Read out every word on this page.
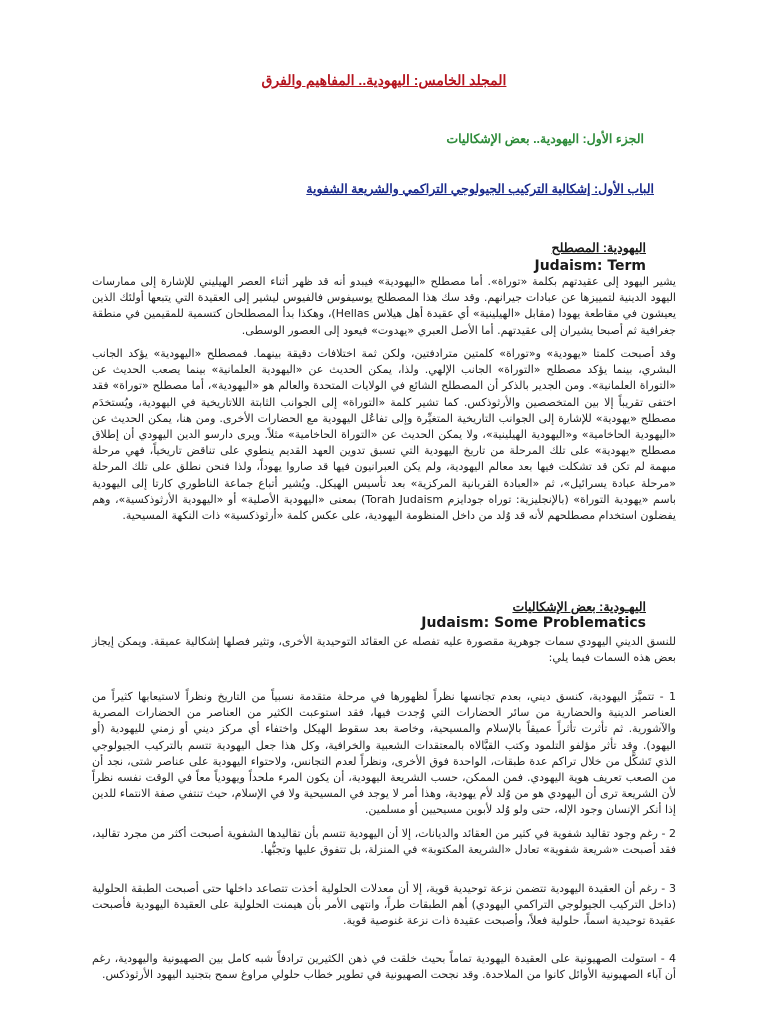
المجلد الخامس: اليهودية.. المفاهيم والفرق
الجزء الأول: اليهودية.. بعض الإشكاليات
الباب الأول: إشكالية التركيب الجيولوجي التراكمي والشريعة الشفوية
اليهودية: المصطلح
Judaism: Term
يشير اليهود إلى عقيدتهم بكلمة «توراة». أما مصطلح «اليهودية» فيبدو أنه قد ظهر أثناء العصر الهيليني للإشارة إلى ممارسات اليهود الدينية لتمييزها عن عبادات جيرانهم. وقد سك هذا المصطلح يوسيفوس فالفيوس ليشير إلى العقيدة التي يتبعها أولئك الذين يعيشون في مقاطعة يهودا (مقابل «الهيلينية» أي عقيدة أهل هيلاس Hellas)، وهكذا بدأ المصطلحان كتسمية للمقيمين في منطقة جغرافية ثم أصبحا يشيران إلى عقيدتهم. أما الأصل العبري «يهدوت» فيعود إلى العصور الوسطى.
وقد أصبحت كلمتا «يهودية» و«توراة» كلمتين مترادفتين، ولكن ثمة اختلافات دقيقة بينهما. فمصطلح «اليهودية» يؤكد الجانب البشري، بينما يؤكد مصطلح «التوراة» الجانب الإلهي. ولذا، يمكن الحديث عن «اليهودية العلمانية» بينما يصعب الحديث عن «التوراة العلمانية». ومن الجدير بالذكر أن المصطلح الشائع في الولايات المتحدة والعالم هو «اليهودية»، أما مصطلح «توراة» فقد اختفى تقريباً إلا بين المتخصصين والأرثوذكس. كما تشير كلمة «التوراة» إلى الجوانب الثابتة اللاتاريخية في اليهودية، ويُستخدَم مصطلح «يهودية» للإشارة إلى الجوانب التاريخية المتغيِّرة وإلى تفاعُل اليهودية مع الحضارات الأخرى. ومن هنا، يمكن الحديث عن «اليهودية الحاخامية» و«اليهودية الهيلينية»، ولا يمكن الحديث عن «التوراة الحاخامية» مثلاً. ويرى دارسو الدين اليهودي أن إطلاق مصطلح «يهودية» على تلك المرحلة من تاريخ اليهودية التي تسبق تدوين العهد القديم ينطوي على تناقض تاريخياً، فهي مرحلة مبهمة لم تكن قد تشكلت فيها بعد معالم اليهودية، ولم يكن العبرانيون فيها قد صاروا يهوداً، ولذا فنحن نطلق على تلك المرحلة «مرحلة عبادة يسرائيل»، ثم «العبادة القربانية المركزية» بعد تأسيس الهيكل. ويُشير أتباع جماعة الناطوري كارتا إلى اليهودية باسم «يهودية التوراة» (بالإنجليزية: توراه جودايزم Torah Judaism) بمعنى «اليهودية الأصلية» أو «اليهودية الأرثوذكسية»، وهم يفضلون استخدام مصطلحهم لأنه قد وُلد من داخل المنظومة اليهودية، على عكس كلمة «أرثوذكسية» ذات النكهة المسيحية.
اليهـودية: بعض الإشكاليات
Judaism: Some Problematics
للنسق الديني اليهودي سمات جوهرية مقصورة عليه تفصله عن العقائد التوحيدية الأخرى، وتثير فصلها إشكالية عميقة. ويمكن إيجاز بعض هذه السمات فيما يلي:
1 - تتميَّز اليهودية، كنسق ديني، بعدم تجانسها نظراً لظهورها في مرحلة متقدمة نسبياً من التاريخ ونظراً لاستيعابها كثيراً من العناصر الدينية والحضارية من سائر الحضارات التي وُجدت فيها، فقد استوعبت الكثير من العناصر من الحضارات المصرية والآشورية. ثم تأثرت تأثراً عميقاً بالإسلام والمسيحية، وخاصة بعد سقوط الهيكل واختفاء أي مركز ديني أو زمني لليهودية (أو اليهود). وقد تأثر مؤلفو التلمود وكتب القبَّالاه بالمعتقدات الشعبية والخرافية، وكل هذا جعل اليهودية تتسم بالتركيب الجيولوجي الذي تَشكَّل من خلال تراكم عدة طبقات، الواحدة فوق الأخرى، ونظراً لعدم التجانس، ولاحتواء اليهودية على عناصر شتى، نجد أن من الصعب تعريف هوية اليهودي. فمن الممكن، حسب الشريعة اليهودية، أن يكون المرء ملحداً ويهودياً معاً في الوقت نفسه نظراً لأن الشريعة ترى أن اليهودي هو من وُلد لأم يهودية، وهذا أمر لا يوجد في المسيحية ولا في الإسلام، حيث تنتفي صفة الانتماء للدين إذا أنكر الإنسان وجود الإله، حتى ولو وُلد لأبوين مسيحيين أو مسلمين.
2 - رغم وجود تقاليد شفوية في كثير من العقائد والديانات، إلا أن اليهودية تتسم بأن تقاليدها الشفوية أصبحت أكثر من مجرد تقاليد، فقد أصبحت «شريعة شفوية» تعادل «الشريعة المكتوبة» في المنزلة، بل تتفوق عليها وتجبُّها.
3 - رغم أن العقيدة اليهودية تتضمن نزعة توحيدية قوية، إلا أن معدلات الحلولية أخذت تتصاعد داخلها حتى أصبحت الطبقة الحلولية (داخل التركيب الجيولوجي التراكمي اليهودي) أهم الطبقات طراً، وانتهى الأمر بأن هيمنت الحلولية على العقيدة اليهودية فأصبحت عقيدة توحيدية اسماً، حلولية فعلاً، وأصبحت عقيدة ذات نزعة غنوصية قوية.
4 - استولت الصهيونية على العقيدة اليهودية تماماً بحيث خلقت في ذهن الكثيرين ترادفاً شبه كامل بين الصهيونية واليهودية، رغم أن آباء الصهيونية الأوائل كانوا من الملاحدة. وقد نجحت الصهيونية في تطوير خطاب حلولي مراوغ سمح بتجنيد اليهود الأرثوذكس.
